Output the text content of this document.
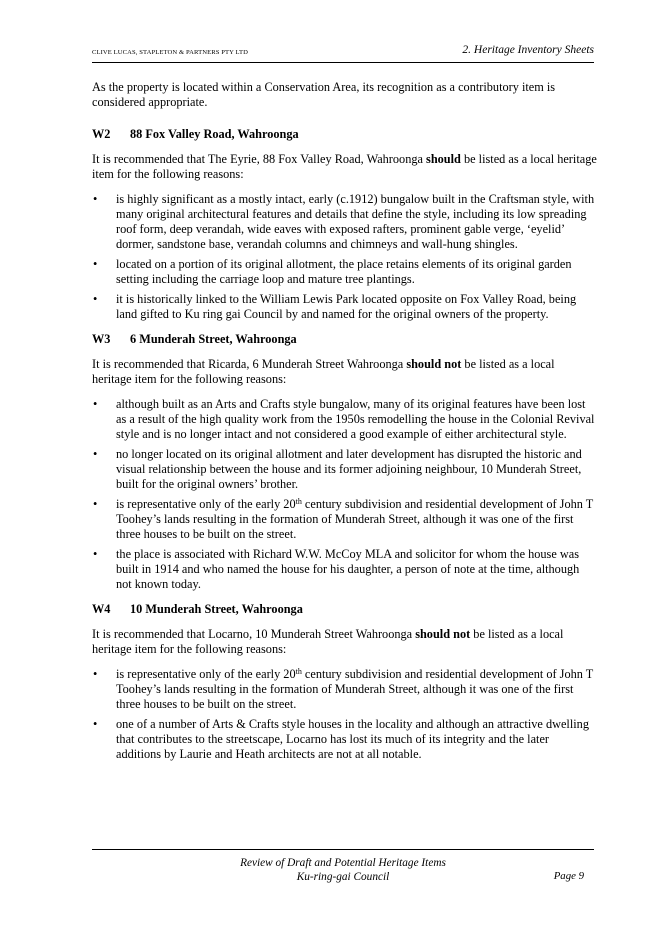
CLIVE LUCAS, STAPLETON & PARTNERS PTY LTD	2. Heritage Inventory Sheets

As the property is located within a Conservation Area, its recognition as a contributory item is considered appropriate.

W2 88 Fox Valley Road, Wahroonga

It is recommended that The Eyrie, 88 Fox Valley Road, Wahroonga should be listed as a local heritage item for the following reasons:

• is highly significant as a mostly intact, early (c.1912) bungalow built in the Craftsman style, with many original architectural features and details that define the style, including its low spreading roof form, deep verandah, wide eaves with exposed rafters, prominent gable verge, ‘eyelid’ dormer, sandstone base, verandah columns and chimneys and wall-hung shingles.
• located on a portion of its original allotment, the place retains elements of its original garden setting including the carriage loop and mature tree plantings.
• it is historically linked to the William Lewis Park located opposite on Fox Valley Road, being land gifted to Ku ring gai Council by and named for the original owners of the property.
W3 6 Munderah Street, Wahroonga

It is recommended that Ricarda, 6 Munderah Street Wahroonga should not be listed as a local heritage item for the following reasons:

• although built as an Arts and Crafts style bungalow, many of its original features have been lost as a result of the high quality work from the 1950s remodelling the house in the Colonial Revival style and is no longer intact and not considered a good example of either architectural style.
• no longer located on its original allotment and later development has disrupted the historic and visual relationship between the house and its former adjoining neighbour, 10 Munderah Street, built for the original owners’ brother.
• is representative only of the early 20th century subdivision and residential development of John T Toohey’s lands resulting in the formation of Munderah Street, although it was one of the first three houses to be built on the street.
• the place is associated with Richard W.W. McCoy MLA and solicitor for whom the house was built in 1914 and who named the house for his daughter, a person of note at the time, although not known today.
W4 10 Munderah Street, Wahroonga

It is recommended that Locarno, 10 Munderah Street Wahroonga should not be listed as a local heritage item for the following reasons:

• is representative only of the early 20th century subdivision and residential development of John T Toohey’s lands resulting in the formation of Munderah Street, although it was one of the first three houses to be built on the street.
• one of a number of Arts & Crafts style houses in the locality and although an attractive dwelling that contributes to the streetscape, Locarno has lost its much of its integrity and the later additions by Laurie and Heath architects are not at all notable.
Review of Draft and Potential Heritage Items
Ku-ring-gai Council	Page 9
